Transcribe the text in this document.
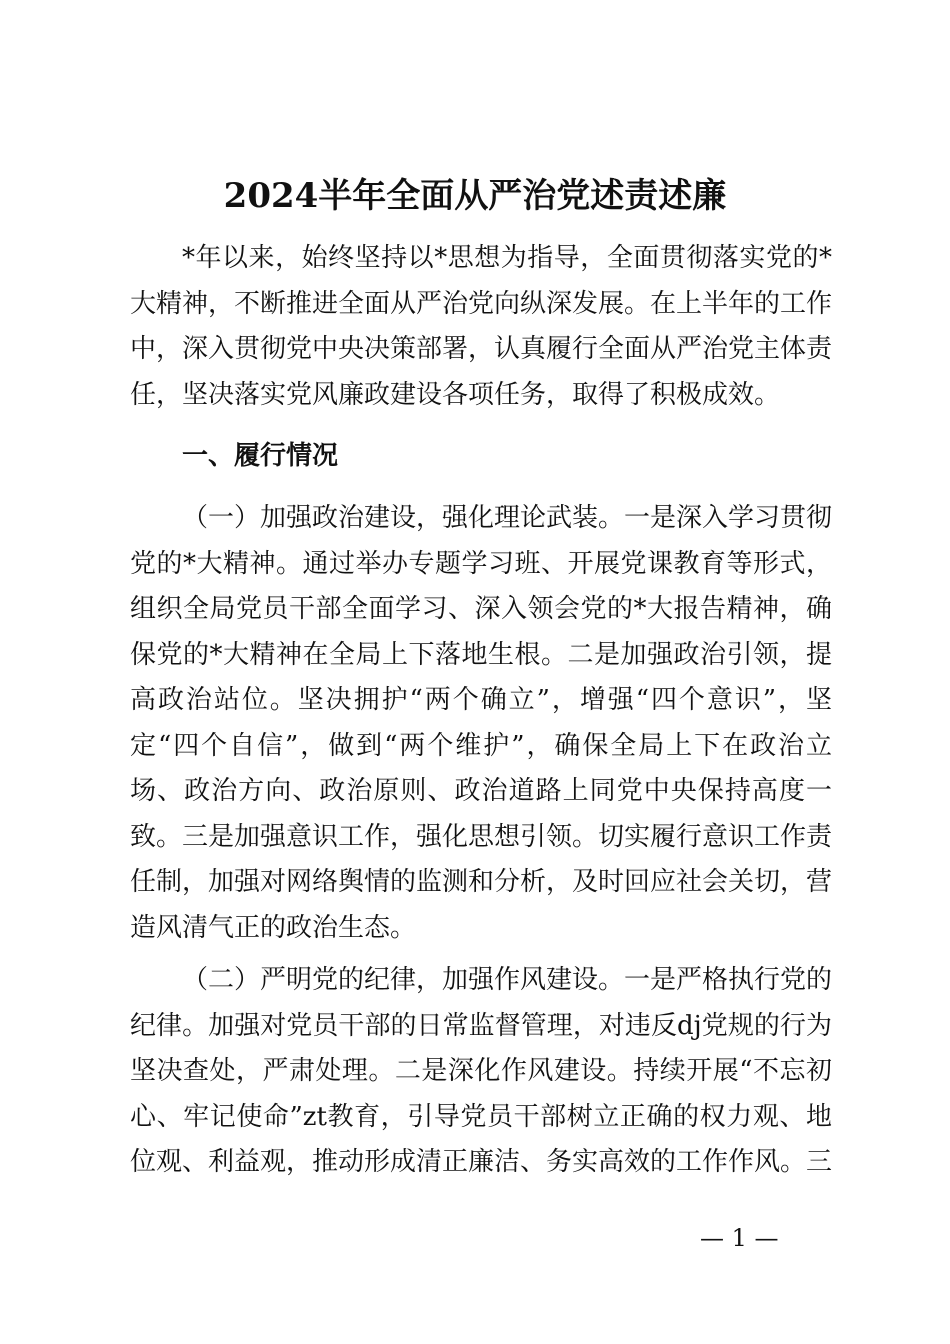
2024半年全面从严治党述责述廉

*年以来，始终坚持以*思想为指导，全面贯彻落实党的*大精神，不断推进全面从严治党向纵深发展。在上半年的工作中，深入贯彻党中央决策部署，认真履行全面从严治党主体责任，坚决落实党风廉政建设各项任务，取得了积极成效。

一、履行情况

（一）加强政治建设，强化理论武装。一是深入学习贯彻党的*大精神。通过举办专题学习班、开展党课教育等形式，组织全局党员干部全面学习、深入领会党的*大报告精神，确保党的*大精神在全局上下落地生根。二是加强政治引领，提高政治站位。坚决拥护“两个确立”，增强“四个意识”，坚定“四个自信”，做到“两个维护”，确保全局上下在政治立场、政治方向、政治原则、政治道路上同党中央保持高度一致。三是加强意识工作，强化思想引领。切实履行意识工作责任制，加强对网络舆情的监测和分析，及时回应社会关切，营造风清气正的政治生态。

（二）严明党的纪律，加强作风建设。一是严格执行党的纪律。加强对党员干部的日常监督管理，对违反dj党规的行为坚决查处，严肃处理。二是深化作风建设。持续开展“不忘初心、牢记使命”zt教育，引导党员干部树立正确的权力观、地位观、利益观，推动形成清正廉洁、务实高效的工作作风。三

— 1 —
